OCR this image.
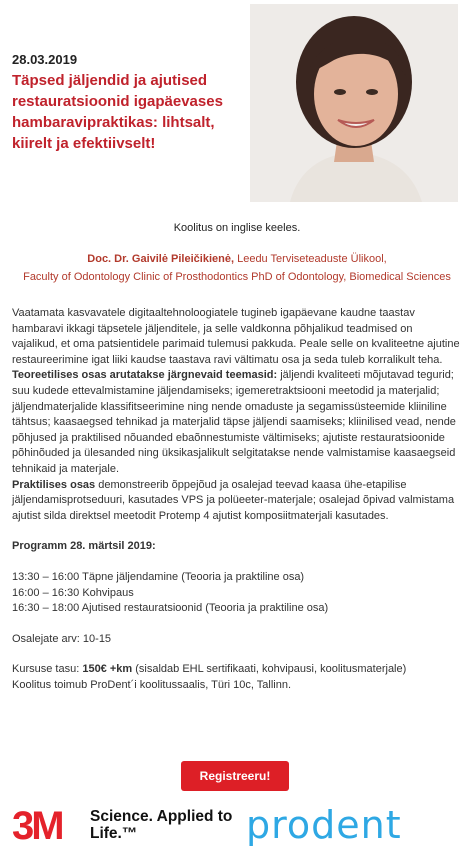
28.03.2019
Täpsed jäljendid ja ajutised restauratsioonid igapäevases hambaravipraktikas: lihtsalt, kiirelt ja efektiivselt!
Koolitus on inglise keeles.
Doc. Dr. Gaivilė Pileičikienė, Leedu Terviseteaduste Ülikool,
Faculty of Odontology Clinic of Prosthodontics PhD of Odontology, Biomedical Sciences

Vaatamata kasvavatele digitaaltehnoloogiatele tugineb igapäevane kaudne taastav hambaravi ikkagi täpsetele jäljenditele, ja selle valdkonna põhjalikud teadmised on vajalikud, et oma patsientidele parimaid tulemusi pakkuda. Peale selle on kvaliteetne ajutine restaureerimine igat liiki kaudse taastava ravi vältimatu osa ja seda tuleb korralikult teha.

Teoreetilises osas arutatakse järgnevaid teemasid: jäljendi kvaliteeti mõjutavad tegurid; suu kudede ettevalmistamine jäljendamiseks; igemeretraktsiooni meetodid ja materjalid; jäljendmaterjalide klassifitseerimine ning nende omaduste ja segamissüsteemide kliiniline tähtsus; kaasaegsed tehnikad ja materjalid täpse jäljendi saamiseks; kliinilised vead, nende põhjused ja praktilised nõuanded ebaõnnestumiste vältimiseks; ajutiste restauratsioonide põhinõuded ja ülesanded ning üksikasjalikult selgitatakse nende valmistamise kaasaegseid tehnikaid ja materjale.

Praktilises osas demonstreerib õppejõud ja osalejad teevad kaasa ühe-etapilise jäljendamisprotseduuri, kasutades VPS ja polüeeter-materjale; osalejad õpivad valmistama ajutist silda direktsel meetodit Protemp 4 ajutist komposiitmaterjali kasutades.

Programm 28. märtsil 2019:

13:30 – 16:00 Täpne jäljendamine (Teooria ja praktiline osa)

16:00 – 16:30 Kohvipaus

16:30 – 18:00 Ajutised restauratsioonid (Teooria ja praktiline osa)

Osalejate arv: 10-15

Kursuse tasu: 150€ +km (sisaldab EHL sertifikaati, kohvipausi, koolitusmaterjale)

Koolitus toimub ProDent´i koolitussaalis, Türi 10c, Tallinn.

Registreeru!
3M Science. Applied to Life.™	prodent
